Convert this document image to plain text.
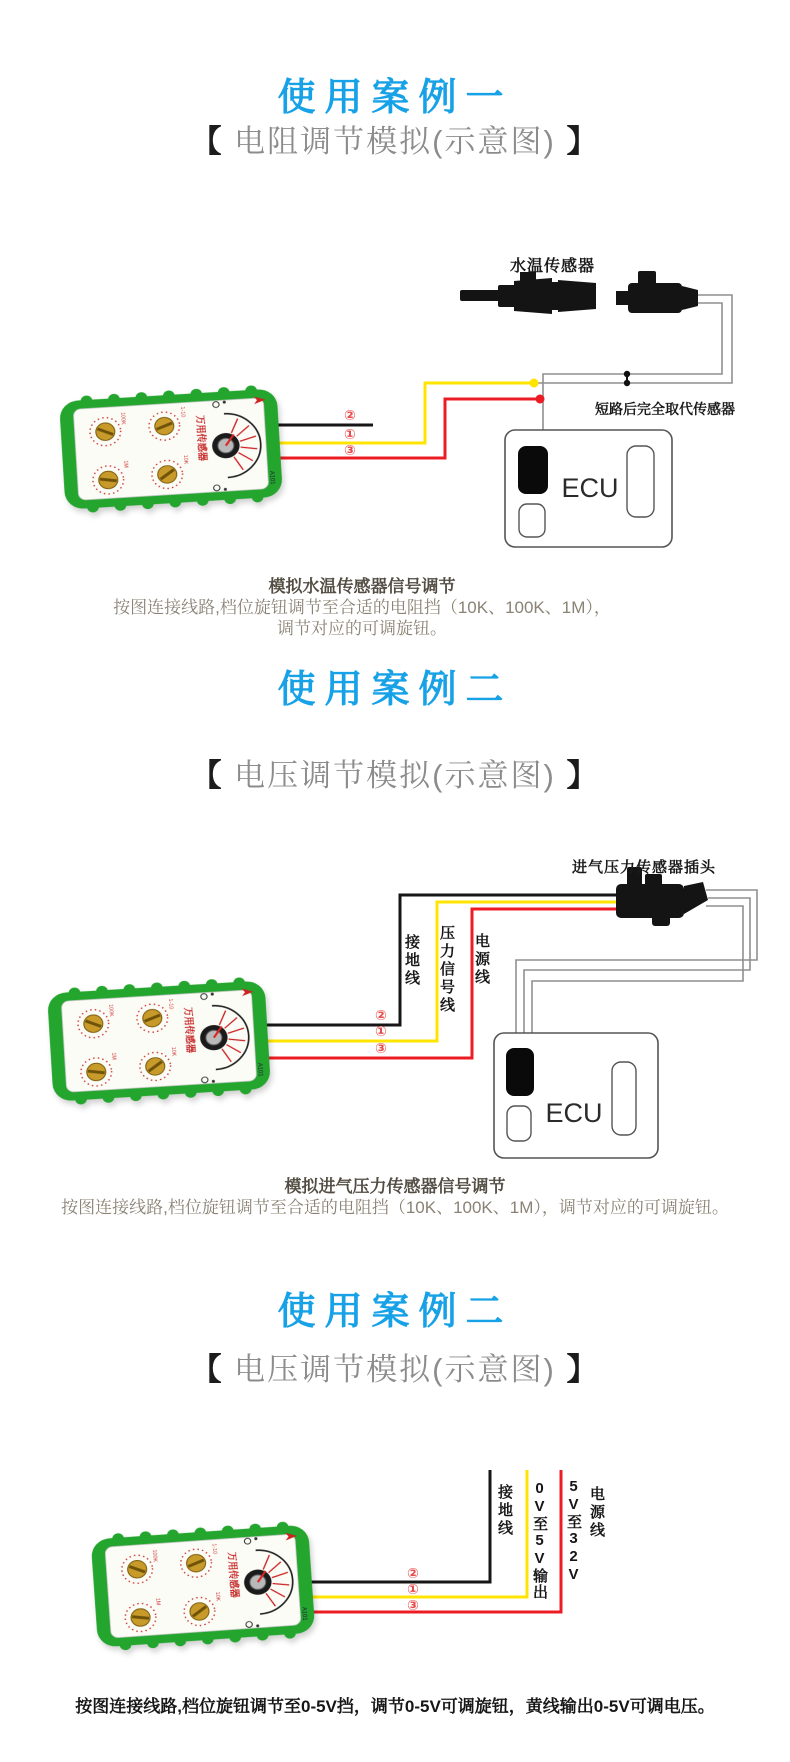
使用案例一
【 电阻调节模拟(示意图) 】
ECU
水温传感器
短路后完全取代传感器
②
①
③
模拟水温传感器信号调节
按图连接线路,档位旋钮调节至合适的电阻挡（10K、100K、1M），
调节对应的可调旋钮。
使用案例二
【 电压调节模拟(示意图) 】
ECU
进气压力传感器插头
接地线 压力信号线 电源线
②
①
③
模拟进气压力传感器信号调节
按图连接线路,档位旋钮调节至合适的电阻挡（10K、100K、1M），调节对应的可调旋钮。
使用案例二
【 电压调节模拟(示意图) 】
接地线 0V至5V输出 5V至32V 电源线
②
①
③
按图连接线路,档位旋钮调节至0-5V挡，调节0-5V可调旋钮，黄线输出0-5V可调电压。
